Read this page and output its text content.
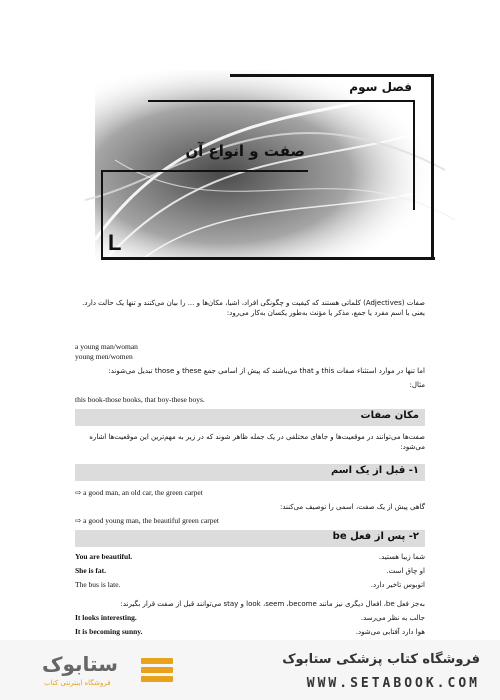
فصل سوم
صفت و انواع آن
L
صفات (Adjectives) کلماتی هستند که کیفیت و چگونگی افراد، اشیا، مکان‌ها و ... را بیان می‌کنند و تنها یک حالت دارد. یعنی با اسم مفرد یا جمع، مذکر یا مؤنث به‌طور یکسان به‌کار می‌رود:
a young man/woman
young men/women
اما تنها در موارد استثناء صفات this و that می‌باشند که پیش از اسامی جمع these و those تبدیل می‌شوند:
مثال:
this book-those books, that boy-these boys.
مکان صفات
صفت‌ها می‌توانند در موقعیت‌ها و جاهای مختلفی در یک جمله ظاهر شوند که در زیر به مهم‌ترین این موقعیت‌ها اشاره می‌شود:
۱- قبل از یک اسم
⇨ a good man, an old car, the green carpet
گاهی پیش از یک صفت، اسمی را توصیف می‌کنند:
⇨ a good young man, the beautiful green carpet
۲- پس از فعل be
You are beautiful.	شما زیبا هستید.
She is fat.	او چاق است.
The bus is late.	اتوبوس تاخیر دارد.
به‌جز فعل be، افعال دیگری نیز مانند look ،seem ،become و stay می‌توانند قبل از صفت قرار بگیرند:
It looks interesting.	جالب به نظر می‌رسد.
It is becoming sunny.	هوا دارد آفتابی می‌شود.
ستابوک
فروشگاه اینترنتی کتاب
فروشگاه کتاب پزشکی ستابوک
WWW.SETABOOK.COM
